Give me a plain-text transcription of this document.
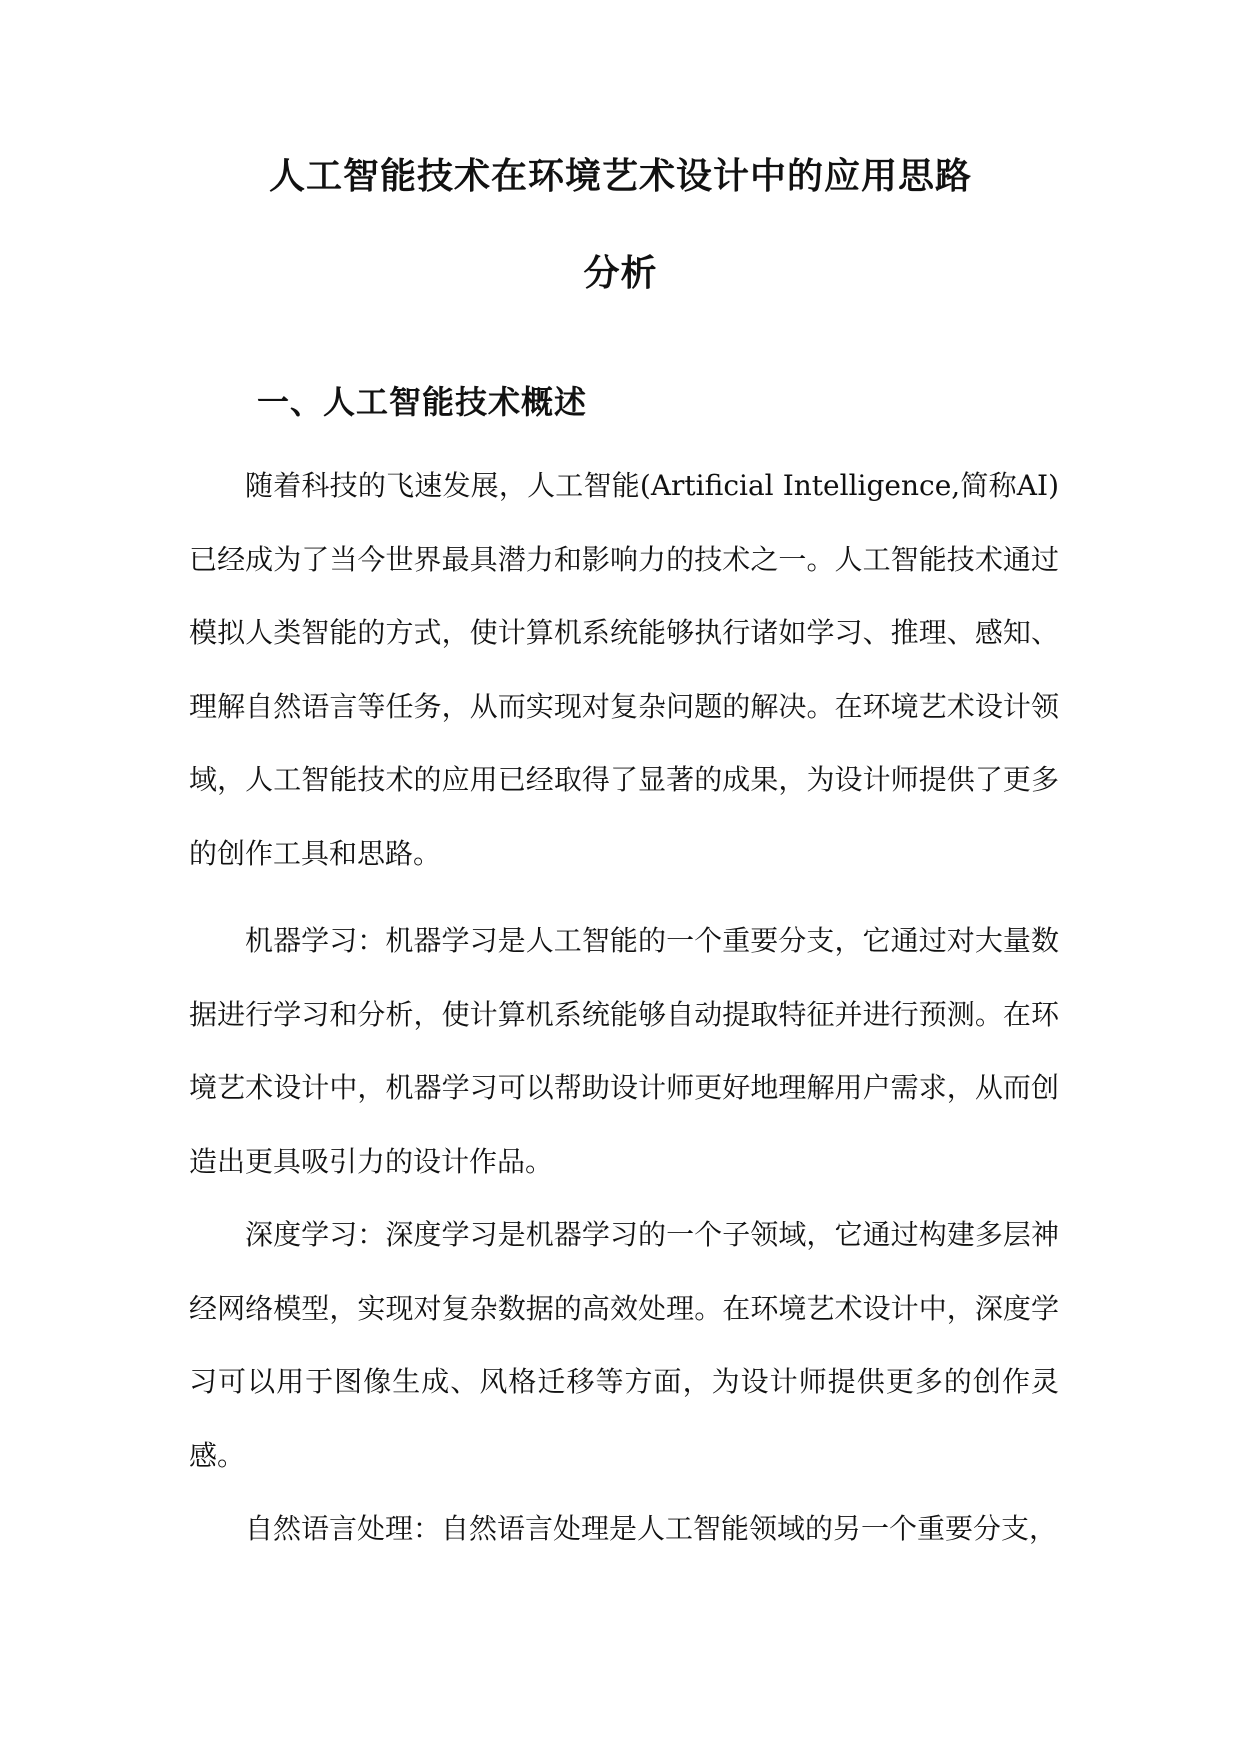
人工智能技术在环境艺术设计中的应用思路
分析
一、人工智能技术概述

随着科技的飞速发展，人工智能(Artificial Intelligence,简称AI)已经成为了当今世界最具潜力和影响力的技术之一。人工智能技术通过模拟人类智能的方式，使计算机系统能够执行诸如学习、推理、感知、理解自然语言等任务，从而实现对复杂问题的解决。在环境艺术设计领域，人工智能技术的应用已经取得了显著的成果，为设计师提供了更多的创作工具和思路。

机器学习：机器学习是人工智能的一个重要分支，它通过对大量数据进行学习和分析，使计算机系统能够自动提取特征并进行预测。在环境艺术设计中，机器学习可以帮助设计师更好地理解用户需求，从而创造出更具吸引力的设计作品。

深度学习：深度学习是机器学习的一个子领域，它通过构建多层神经网络模型，实现对复杂数据的高效处理。在环境艺术设计中，深度学习可以用于图像生成、风格迁移等方面，为设计师提供更多的创作灵感。

自然语言处理：自然语言处理是人工智能领域的另一个重要分支，
